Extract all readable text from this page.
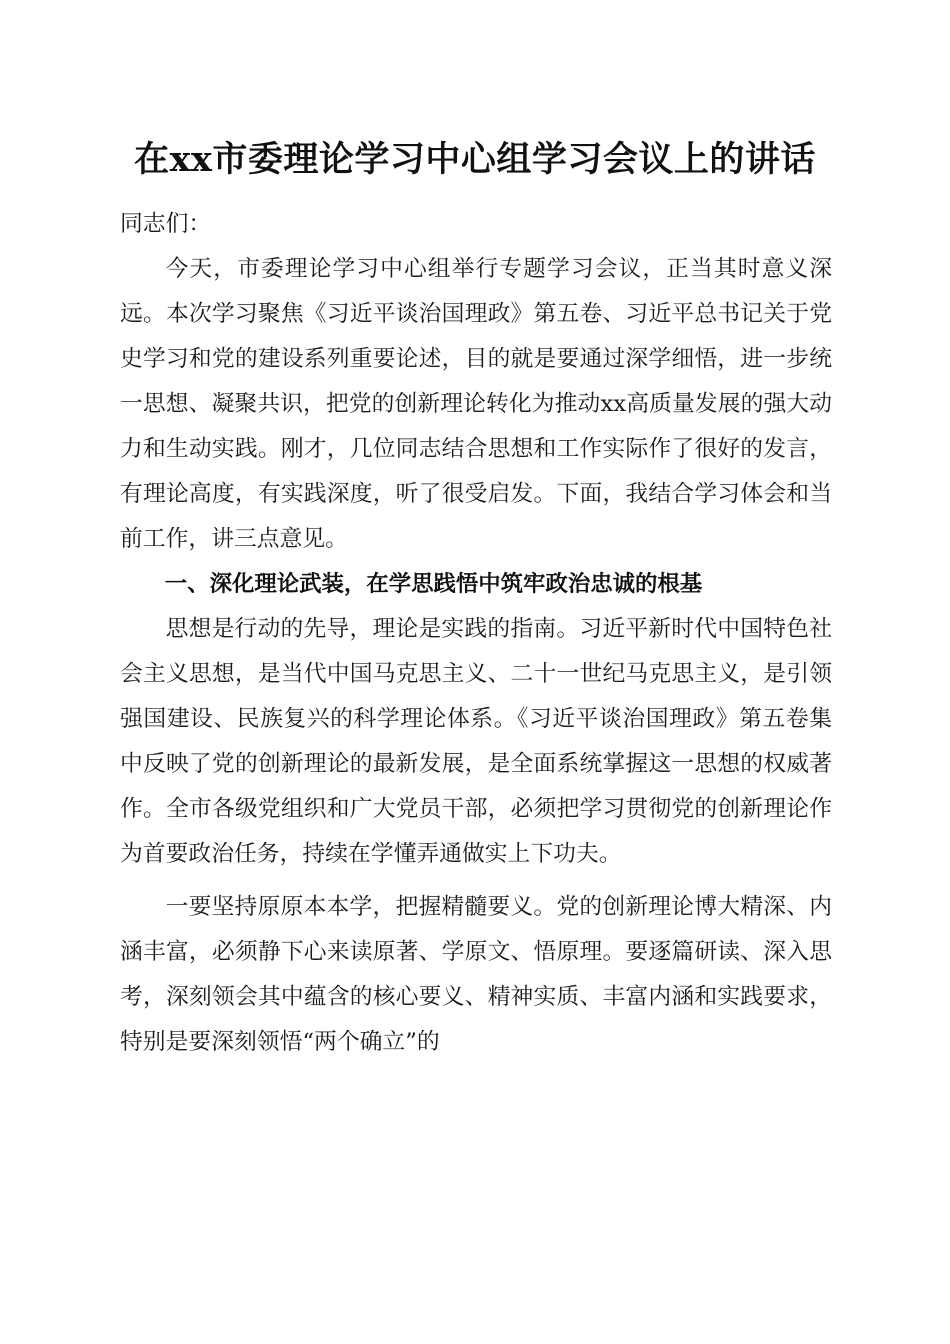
在xx市委理论学习中心组学习会议上的讲话

同志们：

今天，市委理论学习中心组举行专题学习会议，正当其时意义深远。本次学习聚焦《习近平谈治国理政》第五卷、习近平总书记关于党史学习和党的建设系列重要论述，目的就是要通过深学细悟，进一步统一思想、凝聚共识，把党的创新理论转化为推动xx高质量发展的强大动力和生动实践。刚才，几位同志结合思想和工作实际作了很好的发言，有理论高度，有实践深度，听了很受启发。下面，我结合学习体会和当前工作，讲三点意见。

一、深化理论武装，在学思践悟中筑牢政治忠诚的根基

思想是行动的先导，理论是实践的指南。习近平新时代中国特色社会主义思想，是当代中国马克思主义、二十一世纪马克思主义，是引领强国建设、民族复兴的科学理论体系。《习近平谈治国理政》第五卷集中反映了党的创新理论的最新发展，是全面系统掌握这一思想的权威著作。全市各级党组织和广大党员干部，必须把学习贯彻党的创新理论作为首要政治任务，持续在学懂弄通做实上下功夫。

一要坚持原原本本学，把握精髓要义。党的创新理论博大精深、内涵丰富，必须静下心来读原著、学原文、悟原理。要逐篇研读、深入思考，深刻领会其中蕴含的核心要义、精神实质、丰富内涵和实践要求，特别是要深刻领悟“两个确立”的
